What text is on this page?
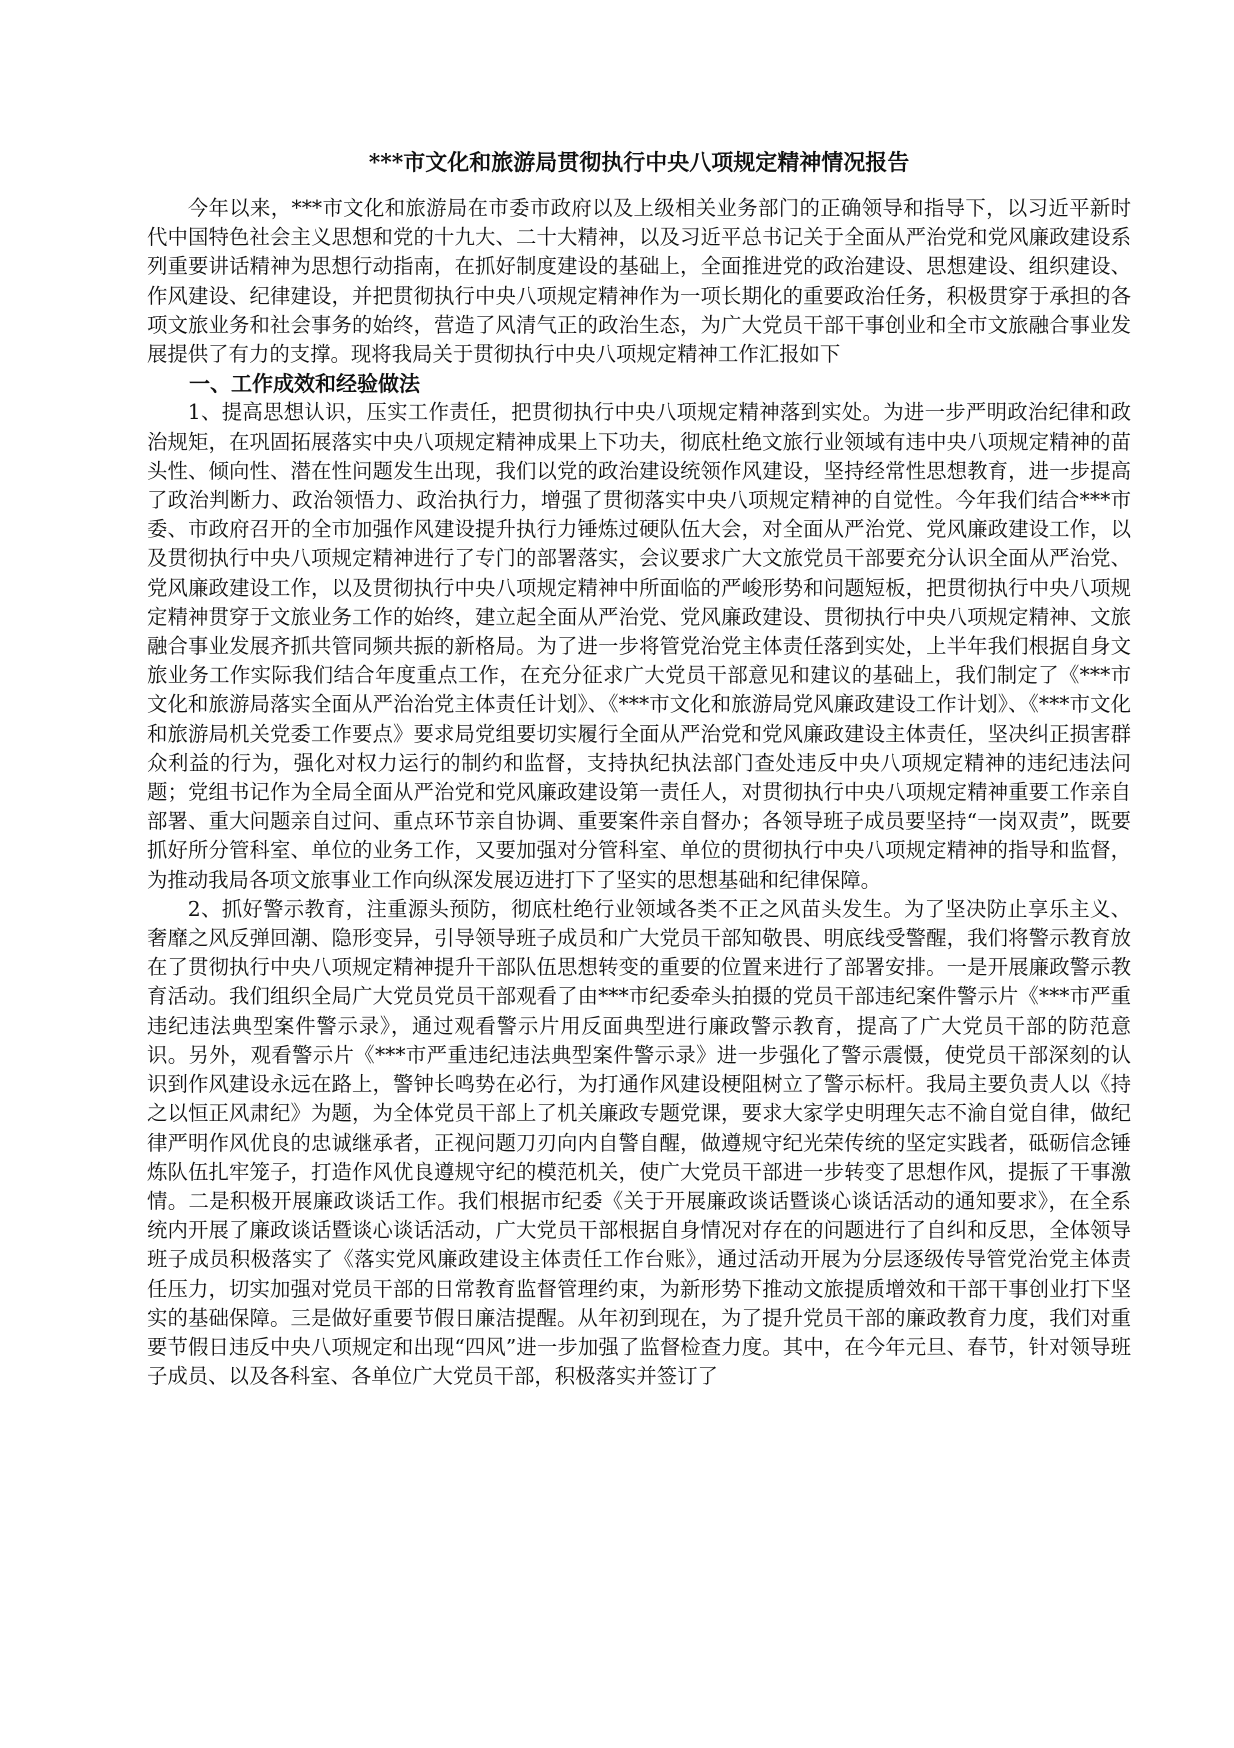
***市文化和旅游局贯彻执行中央八项规定精神情况报告

今年以来，***市文化和旅游局在市委市政府以及上级相关业务部门的正确领导和指导下，以习近平新时代中国特色社会主义思想和党的十九大、二十大精神，以及习近平总书记关于全面从严治党和党风廉政建设系列重要讲话精神为思想行动指南，在抓好制度建设的基础上，全面推进党的政治建设、思想建设、组织建设、作风建设、纪律建设，并把贯彻执行中央八项规定精神作为一项长期化的重要政治任务，积极贯穿于承担的各项文旅业务和社会事务的始终，营造了风清气正的政治生态，为广大党员干部干事创业和全市文旅融合事业发展提供了有力的支撑。现将我局关于贯彻执行中央八项规定精神工作汇报如下

一、工作成效和经验做法

1、提高思想认识，压实工作责任，把贯彻执行中央八项规定精神落到实处。为进一步严明政治纪律和政治规矩，在巩固拓展落实中央八项规定精神成果上下功夫，彻底杜绝文旅行业领域有违中央八项规定精神的苗头性、倾向性、潜在性问题发生出现，我们以党的政治建设统领作风建设，坚持经常性思想教育，进一步提高了政治判断力、政治领悟力、政治执行力，增强了贯彻落实中央八项规定精神的自觉性。今年我们结合***市委、市政府召开的全市加强作风建设提升执行力锤炼过硬队伍大会，对全面从严治党、党风廉政建设工作，以及贯彻执行中央八项规定精神进行了专门的部署落实，会议要求广大文旅党员干部要充分认识全面从严治党、党风廉政建设工作，以及贯彻执行中央八项规定精神中所面临的严峻形势和问题短板，把贯彻执行中央八项规定精神贯穿于文旅业务工作的始终，建立起全面从严治党、党风廉政建设、贯彻执行中央八项规定精神、文旅融合事业发展齐抓共管同频共振的新格局。为了进一步将管党治党主体责任落到实处，上半年我们根据自身文旅业务工作实际我们结合年度重点工作，在充分征求广大党员干部意见和建议的基础上，我们制定了《***市文化和旅游局落实全面从严治治党主体责任计划》、《***市文化和旅游局党风廉政建设工作计划》、《***市文化和旅游局机关党委工作要点》要求局党组要切实履行全面从严治党和党风廉政建设主体责任，坚决纠正损害群众利益的行为，强化对权力运行的制约和监督，支持执纪执法部门查处违反中央八项规定精神的违纪违法问题；党组书记作为全局全面从严治党和党风廉政建设第一责任人，对贯彻执行中央八项规定精神重要工作亲自部署、重大问题亲自过问、重点环节亲自协调、重要案件亲自督办；各领导班子成员要坚持“一岗双责”，既要抓好所分管科室、单位的业务工作，又要加强对分管科室、单位的贯彻执行中央八项规定精神的指导和监督，为推动我局各项文旅事业工作向纵深发展迈进打下了坚实的思想基础和纪律保障。

2、抓好警示教育，注重源头预防，彻底杜绝行业领域各类不正之风苗头发生。为了坚决防止享乐主义、奢靡之风反弹回潮、隐形变异，引导领导班子成员和广大党员干部知敬畏、明底线受警醒，我们将警示教育放在了贯彻执行中央八项规定精神提升干部队伍思想转变的重要的位置来进行了部署安排。一是开展廉政警示教育活动。我们组织全局广大党员党员干部观看了由***市纪委牵头拍摄的党员干部违纪案件警示片《***市严重违纪违法典型案件警示录》，通过观看警示片用反面典型进行廉政警示教育，提高了广大党员干部的防范意识。另外，观看警示片《***市严重违纪违法典型案件警示录》进一步强化了警示震慑，使党员干部深刻的认识到作风建设永远在路上，警钟长鸣势在必行，为打通作风建设梗阻树立了警示标杆。我局主要负责人以《持之以恒正风肃纪》为题，为全体党员干部上了机关廉政专题党课，要求大家学史明理矢志不渝自觉自律，做纪律严明作风优良的忠诚继承者，正视问题刀刃向内自警自醒，做遵规守纪光荣传统的坚定实践者，砥砺信念锤炼队伍扎牢笼子，打造作风优良遵规守纪的模范机关，使广大党员干部进一步转变了思想作风，提振了干事激情。二是积极开展廉政谈话工作。我们根据市纪委《关于开展廉政谈话暨谈心谈话活动的通知要求》，在全系统内开展了廉政谈话暨谈心谈话活动，广大党员干部根据自身情况对存在的问题进行了自纠和反思，全体领导班子成员积极落实了《落实党风廉政建设主体责任工作台账》，通过活动开展为分层逐级传导管党治党主体责任压力，切实加强对党员干部的日常教育监督管理约束，为新形势下推动文旅提质增效和干部干事创业打下坚实的基础保障。三是做好重要节假日廉洁提醒。从年初到现在，为了提升党员干部的廉政教育力度，我们对重要节假日违反中央八项规定和出现“四风”进一步加强了监督检查力度。其中，在今年元旦、春节，针对领导班子成员、以及各科室、各单位广大党员干部，积极落实并签订了
